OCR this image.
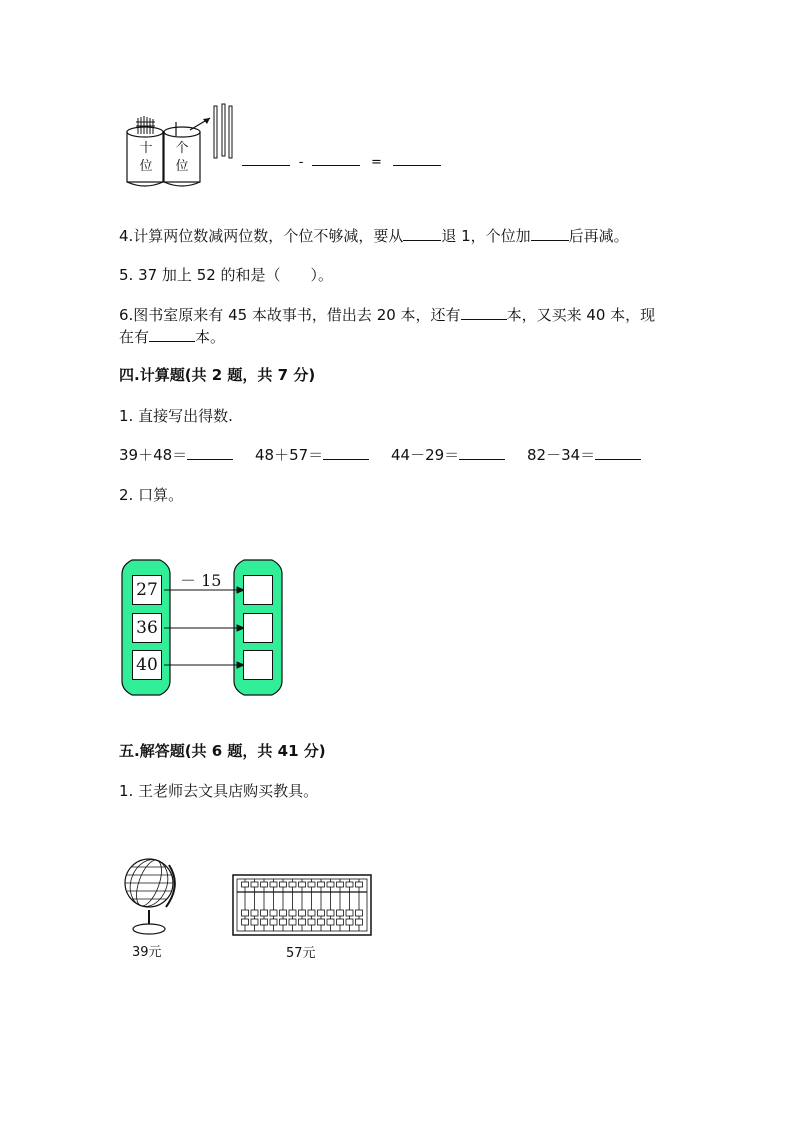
十
位
个
位	-	=
4.计算两位数减两位数，个位不够减，要从	退 1，个位加	后再减。
5. 37 加上 52 的和是（　　）。
6.图书室原来有 45 本故事书，借出去 20 本，还有	本，又买来 40 本，现
在有	本。
四.计算题(共 2 题，共 7 分)
1. 直接写出得数.
39＋48＝	48＋57＝	44－29＝	82－34＝
2. 口算。
27
36
40
－ 15
五.解答题(共 6 题，共 41 分)
1. 王老师去文具店购买教具。
39元	57元
